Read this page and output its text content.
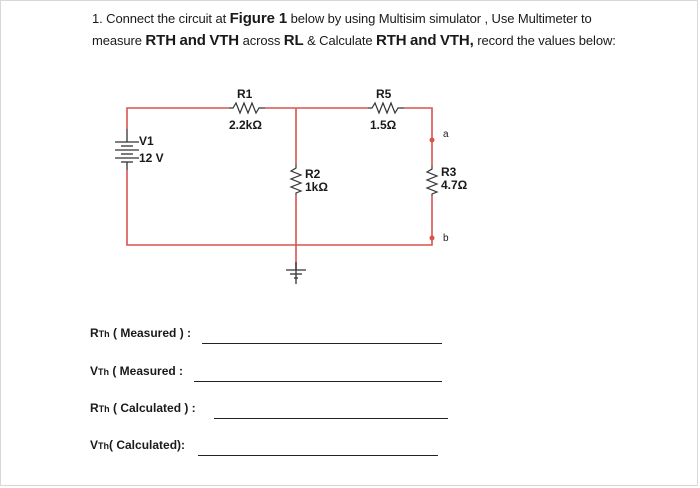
1. Connect the circuit at Figure 1 below by using Multisim simulator , Use Multimeter to
measure RTH and VTH across RL & Calculate RTH and VTH, record the values below:
R1
2.2kΩ
R5
1.5Ω
V1
12 V
R2
1kΩ
R3
4.7Ω
a
b
RTh ( Measured ) :
VTh ( Measured :
RTh ( Calculated ) :
VTh( Calculated):
